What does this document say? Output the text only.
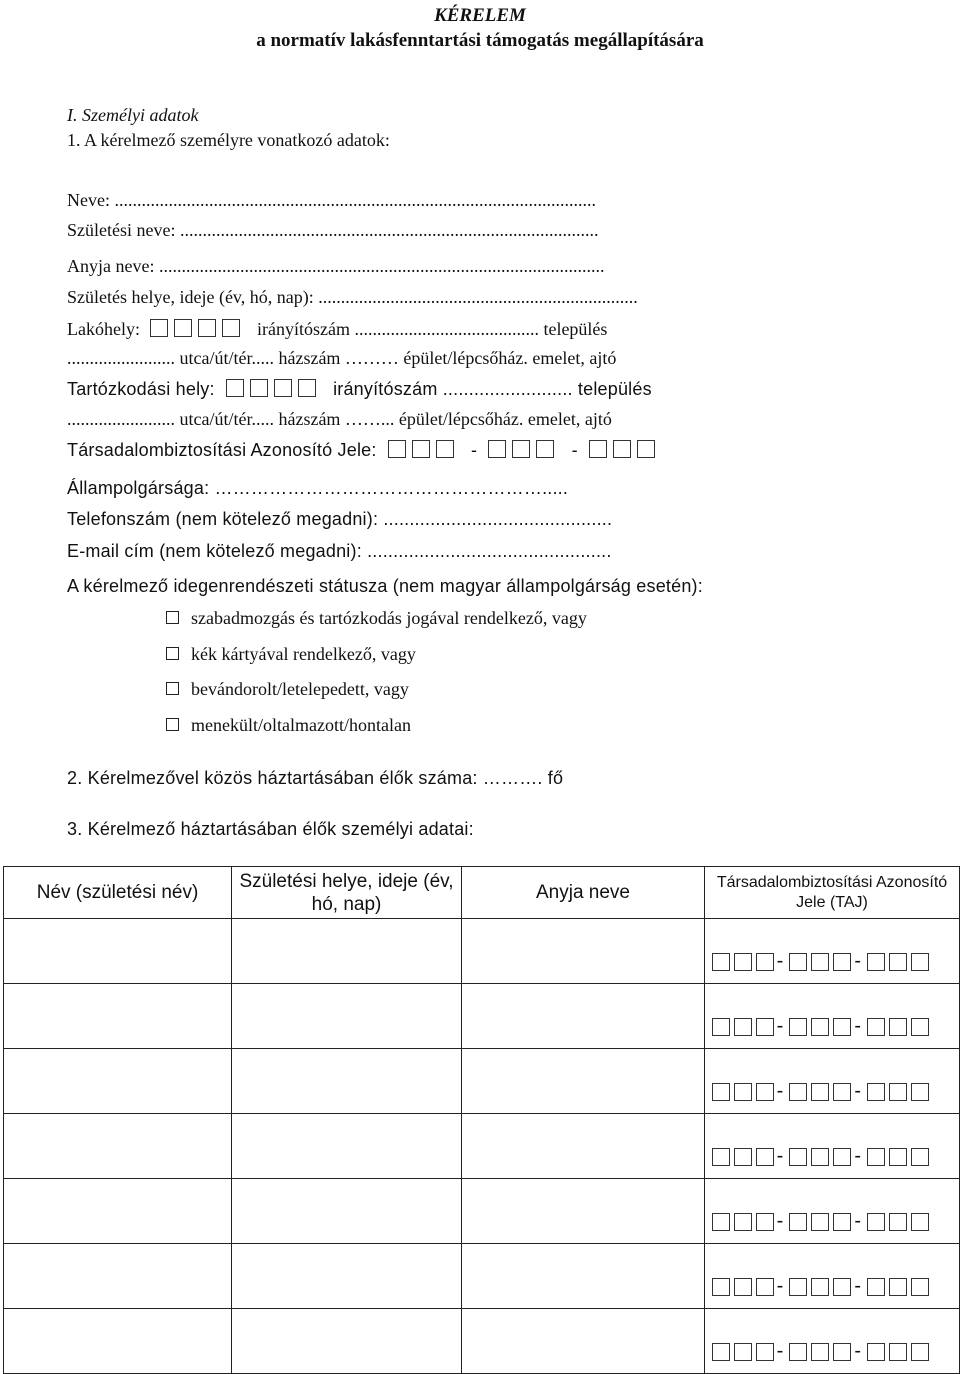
KÉRELEM
a normatív lakásfenntartási támogatás megállapítására
I. Személyi adatok
1. A kérelmező személyre vonatkozó adatok:
Neve: ...........................................................................................................
Születési neve: .............................................................................................
Anyja neve: ...................................................................................................
Születés helye, ideje (év, hó, nap): .......................................................................
Lakóhely:	irányítószám ......................................... település
........................ utca/út/tér..... házszám ……… épület/lépcsőház. emelet, ajtó
Tartózkodási hely:	irányítószám ......................... település
........................ utca/út/tér..... házszám ……... épület/lépcsőház. emelet, ajtó
Társadalombiztosítási Azonosító Jele:	-	-
Állampolgársága: ……………………………………………….....
Telefonszám (nem kötelező megadni): ............................................
E-mail cím (nem kötelező megadni): ...............................................
A kérelmező idegenrendészeti státusza (nem magyar állampolgárság esetén):
szabadmozgás és tartózkodás jogával rendelkező, vagy
kék kártyával rendelkező, vagy
bevándorolt/letelepedett, vagy
menekült/oltalmazott/hontalan
2. Kérelmezővel közös háztartásában élők száma: ………. fő
3. Kérelmező háztartásában élők személyi adatai:
Név (születési név)	Születési helye, ideje (év, hó, nap)	Anyja neve	Társadalombiztosítási Azonosító Jele (TAJ)

			- -

			- -

			- -

			- -

			- -

			- -

			- -
